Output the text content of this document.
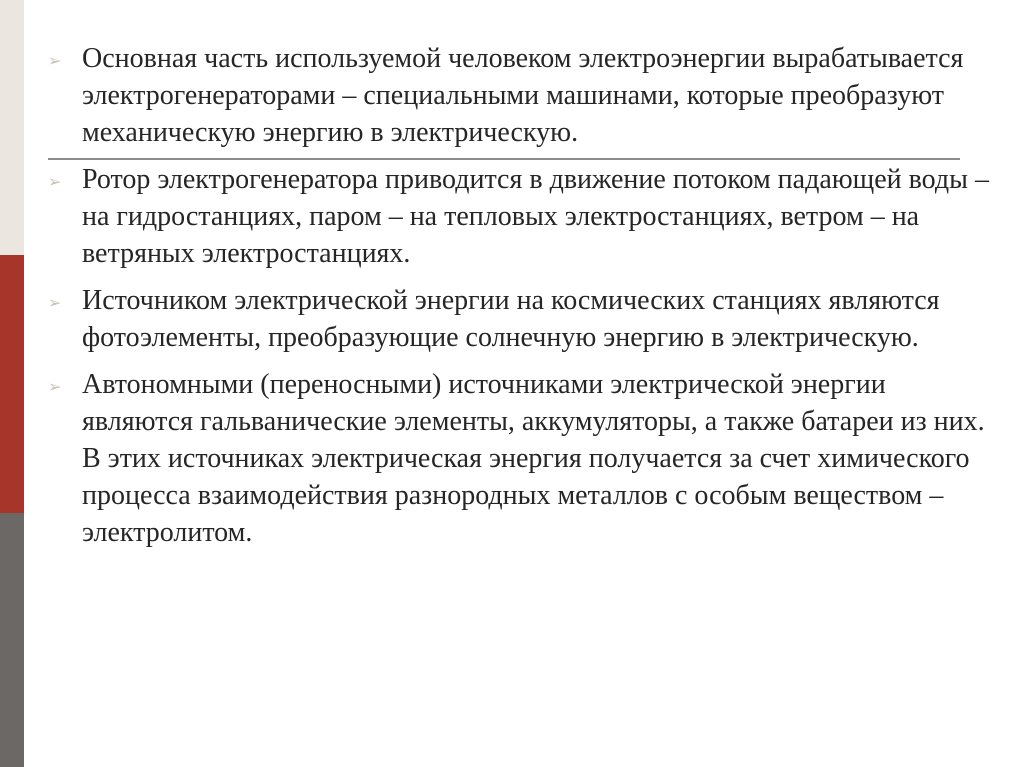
➢ Основная часть используемой человеком электроэнергии вырабатывается электрогенераторами – специальными машинами, которые преобразуют механическую энергию в электрическую.
➢ Ротор электрогенератора приводится в движение потоком падающей воды – на гидростанциях, паром – на тепловых электростанциях, ветром – на ветряных электростанциях.
➢ Источником электрической энергии на космических станциях являются фотоэлементы, преобразующие солнечную энергию в электрическую.
➢ Автономными (переносными) источниками электрической энергии являются гальванические элементы, аккумуляторы, а также батареи из них. В этих источниках электрическая энергия получается за счет химического процесса взаимодействия разнородных металлов с особым веществом – электролитом.
